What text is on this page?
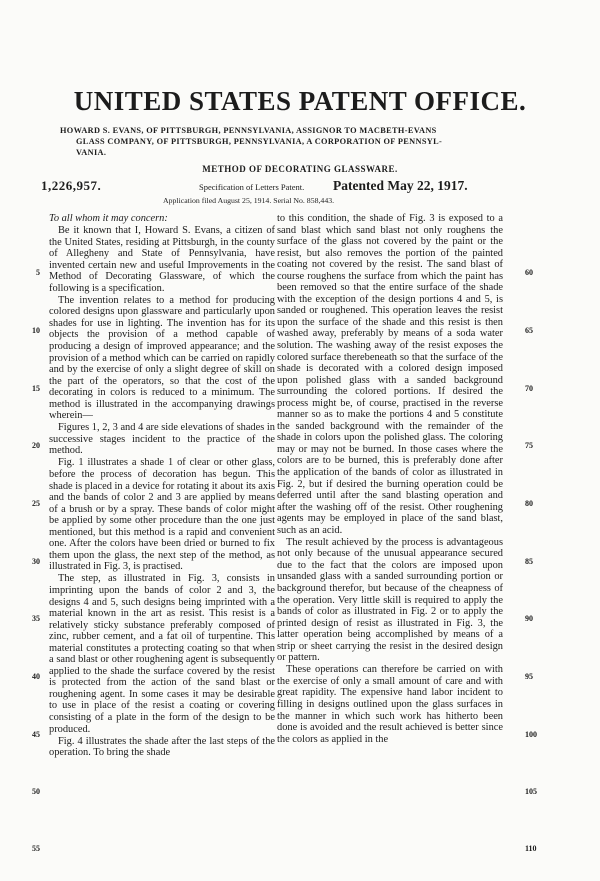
UNITED STATES PATENT OFFICE.
HOWARD S. EVANS, OF PITTSBURGH, PENNSYLVANIA, ASSIGNOR TO MACBETH-EVANS
GLASS COMPANY, OF PITTSBURGH, PENNSYLVANIA, A CORPORATION OF PENNSYL-
VANIA.
METHOD OF DECORATING GLASSWARE.
1,226,957.	Specification of Letters Patent. Patented May 22, 1917.
Application filed August 25, 1914. Serial No. 858,443.

To all whom it may concern:

Be it known that I, Howard S. Evans, a citizen of the United States, residing at Pittsburgh, in the county of Allegheny and State of Pennsylvania, have invented certain new and useful Improvements in the Method of Decorating Glassware, of which the following is a specification.

The invention relates to a method for producing colored designs upon glassware and particularly upon shades for use in lighting. The invention has for its objects the provision of a method capable of producing a design of improved appearance; and the provision of a method which can be carried on rapidly and by the exercise of only a slight degree of skill on the part of the operators, so that the cost of the decorating in colors is reduced to a minimum. The method is illustrated in the accompanying drawings wherein—

Figures 1, 2, 3 and 4 are side elevations of shades in successive stages incident to the practice of the method.

Fig. 1 illustrates a shade 1 of clear or other glass, before the process of decoration has begun. This shade is placed in a device for rotating it about its axis and the bands of color 2 and 3 are applied by means of a brush or by a spray. These bands of color might be applied by some other procedure than the one just mentioned, but this method is a rapid and convenient one. After the colors have been dried or burned to fix them upon the glass, the next step of the method, as illustrated in Fig. 3, is practised.

The step, as illustrated in Fig. 3, consists in imprinting upon the bands of color 2 and 3, the designs 4 and 5, such designs being imprinted with a material known in the art as resist. This resist is a relatively sticky substance preferably composed of zinc, rubber cement, and a fat oil of turpentine. This material constitutes a protecting coating so that when a sand blast or other roughening agent is subsequently applied to the shade the surface covered by the resist is protected from the action of the sand blast or roughening agent. In some cases it may be desirable to use in place of the resist a coating or covering consisting of a plate in the form of the design to be produced.

Fig. 4 illustrates the shade after the last steps of the operation. To bring the shade

to this condition, the shade of Fig. 3 is exposed to a sand blast which sand blast not only roughens the surface of the glass not covered by the paint or the resist, but also removes the portion of the painted coating not covered by the resist. The sand blast of course roughens the surface from which the paint has been removed so that the entire surface of the shade with the exception of the design portions 4 and 5, is sanded or roughened. This operation leaves the resist upon the surface of the shade and this resist is then washed away, preferably by means of a soda water solution. The washing away of the resist exposes the colored surface therebeneath so that the surface of the shade is decorated with a colored design imposed upon polished glass with a sanded background surrounding the colored portions. If desired the process might be, of course, practised in the reverse manner so as to make the portions 4 and 5 constitute the sanded background with the remainder of the shade in colors upon the polished glass. The coloring may or may not be burned. In those cases where the colors are to be burned, this is preferably done after the application of the bands of color as illustrated in Fig. 2, but if desired the burning operation could be deferred until after the sand blasting operation and after the washing off of the resist. Other roughening agents may be employed in place of the sand blast, such as an acid.

The result achieved by the process is advantageous not only because of the unusual appearance secured due to the fact that the colors are imposed upon unsanded glass with a sanded surrounding portion or background therefor, but because of the cheapness of the operation. Very little skill is required to apply the bands of color as illustrated in Fig. 2 or to apply the printed design of resist as illustrated in Fig. 3, the latter operation being accomplished by means of a strip or sheet carrying the resist in the desired design or pattern.

These operations can therefore be carried on with the exercise of only a small amount of care and with great rapidity. The expensive hand labor incident to filling in designs outlined upon the glass surfaces in the manner in which such work has hitherto been done is avoided and the result achieved is better since the colors as applied in the

5
10
15
20
25
30
35
40
45
50
55
60
65
70
75
80
85
90
95
100
105
110
